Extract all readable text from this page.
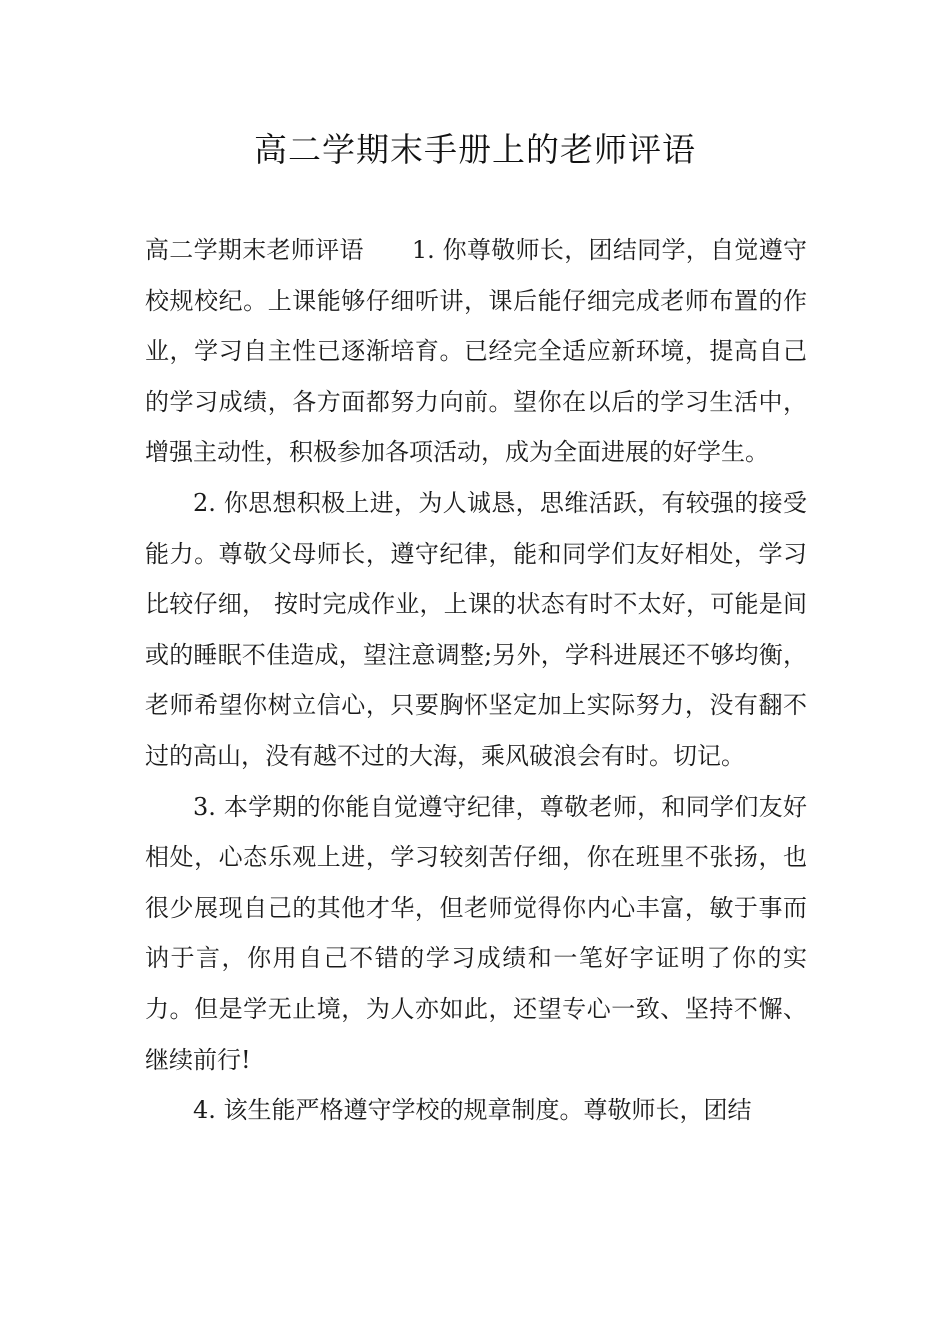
高二学期末手册上的老师评语

高二学期末老师评语 1. 你尊敬师长，团结同学，自觉遵守校规校纪。上课能够仔细听讲，课后能仔细完成老师布置的作业，学习自主性已逐渐培育。已经完全适应新环境，提高自己的学习成绩，各方面都努力向前。望你在以后的学习生活中，增强主动性，积极参加各项活动，成为全面进展的好学生。

2. 你思想积极上进，为人诚恳，思维活跃，有较强的接受能力。尊敬父母师长，遵守纪律，能和同学们友好相处，学习比较仔细， 按时完成作业，上课的状态有时不太好，可能是间或的睡眠不佳造成，望注意调整;另外，学科进展还不够均衡，老师希望你树立信心，只要胸怀坚定加上实际努力，没有翻不过的高山，没有越不过的大海，乘风破浪会有时。切记。

3. 本学期的你能自觉遵守纪律，尊敬老师，和同学们友好相处，心态乐观上进，学习较刻苦仔细，你在班里不张扬，也很少展现自己的其他才华，但老师觉得你内心丰富，敏于事而讷于言，你用自己不错的学习成绩和一笔好字证明了你的实力。但是学无止境，为人亦如此，还望专心一致、坚持不懈、继续前行!

4. 该生能严格遵守学校的规章制度。尊敬师长，团结
